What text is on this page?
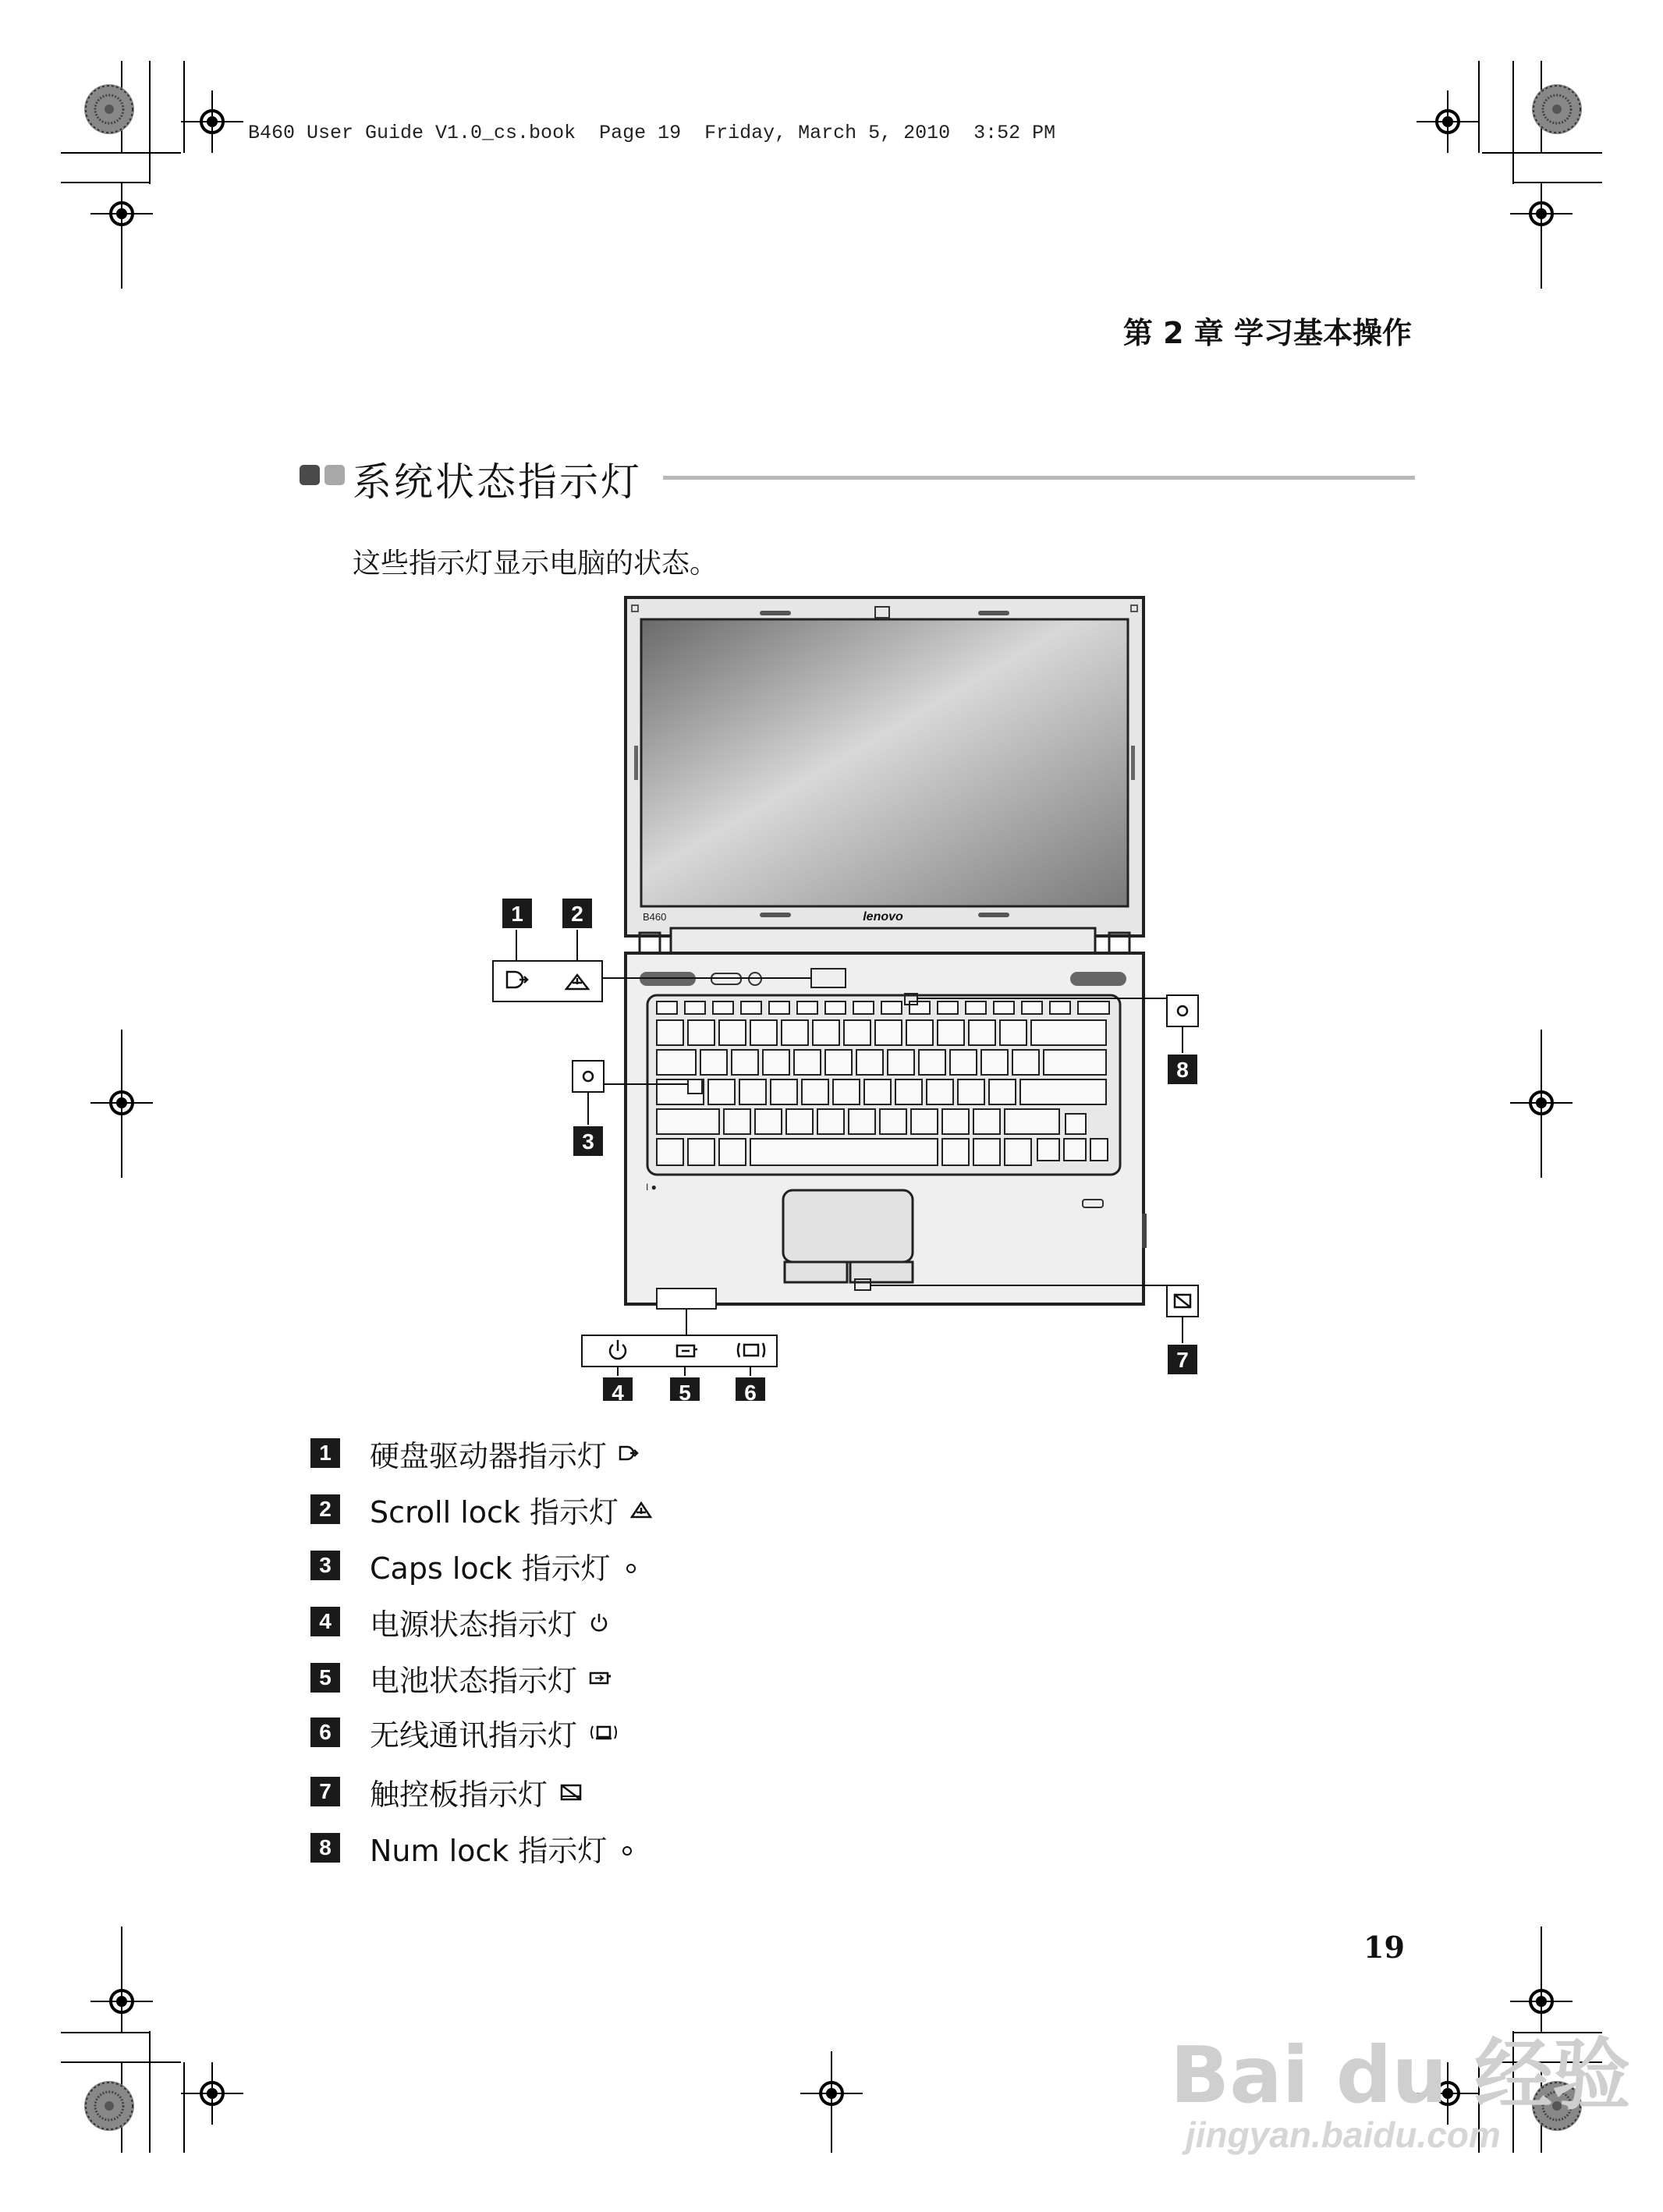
B460 User Guide V1.0_cs.book  Page 19  Friday, March 5, 2010  3:52 PM
第 2 章 学习基本操作
系统状态指示灯
这些指示灯显示电脑的状态。
B460	lenovo
I ●
1 2
3
4	5 6
7
8
1 硬盘驱动器指示灯
2 Scroll lock 指示灯
3 Caps lock 指示灯
4 电源状态指示灯
5 电池状态指示灯
6 无线通讯指示灯
7 触控板指示灯
8 Num lock 指示灯
19
Bai du 经验
jingyan.baidu.com
